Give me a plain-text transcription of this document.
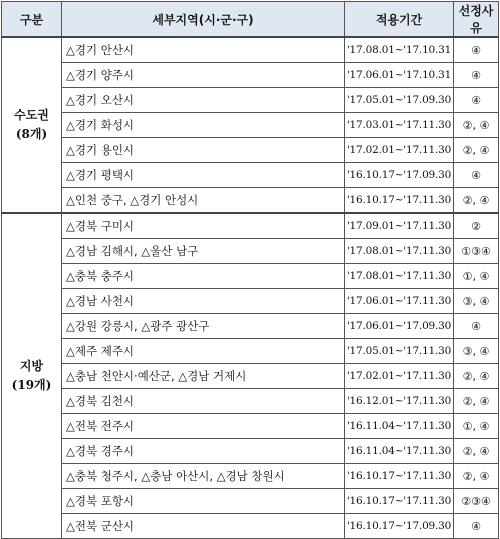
구분	세부지역(시·군·구)	적용기간	선정사유

수도권
(8개)	△경기 안산시	'17.08.01~'17.10.31	④
	△경기 양주시	'17.06.01~'17.10.31	④
	△경기 오산시	'17.05.01~'17.09.30	④
	△경기 화성시	'17.03.01~'17.11.30	②, ④
	△경기 용인시	'17.02.01~'17.11.30	②, ④
	△경기 평택시	'16.10.17~'17.09.30	④
	△인천 중구, △경기 안성시	'16.10.17~'17.11.30	②, ④

지방
(19개)	△경북 구미시	'17.09.01~'17.11.30	②
	△경남 김해시, △울산 남구	'17.08.01~'17.11.30	①③④
	△충북 충주시	'17.08.01~'17.11.30	①, ④
	△경남 사천시	'17.06.01~'17.11.30	③, ④
	△강원 강릉시, △광주 광산구	'17.06.01~'17.09.30	④
	△제주 제주시	'17.05.01~'17.11.30	③, ④
	△충남 천안시·예산군, △경남 거제시	'17.02.01~'17.11.30	②, ④
	△경북 김천시	'16.12.01~'17.11.30	②, ④
	△전북 전주시	'16.11.04~'17.11.30	①, ④
	△경북 경주시	'16.11.04~'17.11.30	②, ④
	△충북 청주시, △충남 아산시, △경남 창원시	'16.10.17~'17.11.30	②, ④
	△경북 포항시	'16.10.17~'17.11.30	②③④
	△전북 군산시	'16.10.17~'17.09.30	④
